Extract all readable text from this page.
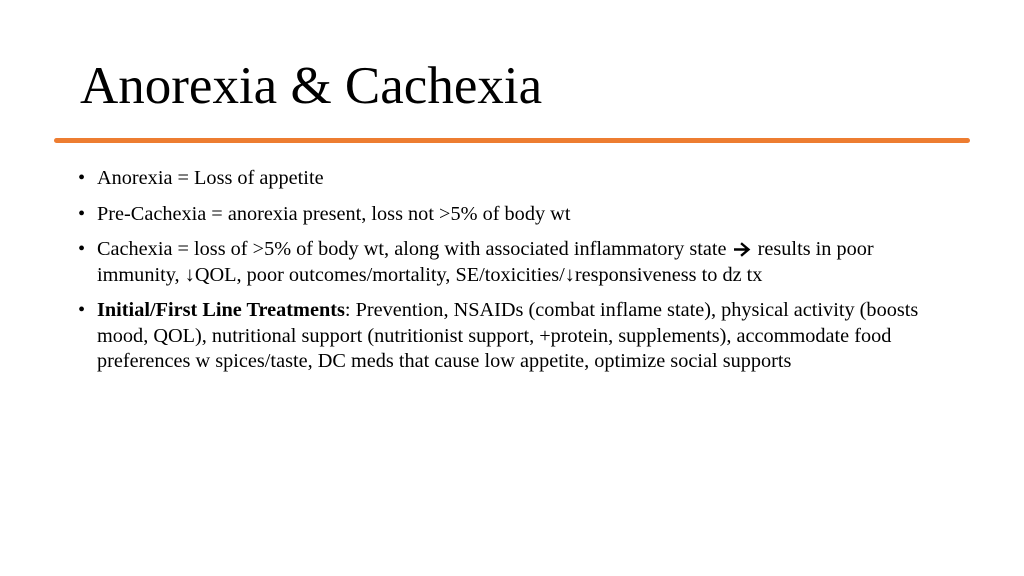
Anorexia & Cachexia
• Anorexia = Loss of appetite
• Pre-Cachexia = anorexia present, loss not >5% of body wt
• Cachexia = loss of >5% of body wt, along with associated inflammatory state results in poor immunity, ↓QOL, poor outcomes/mortality, SE/toxicities/↓responsiveness to dz tx
• Initial/First Line Treatments: Prevention, NSAIDs (combat inflame state), physical activity (boosts mood, QOL), nutritional support (nutritionist support, +protein, supplements), accommodate food preferences w spices/taste, DC meds that cause low appetite, optimize social supports
